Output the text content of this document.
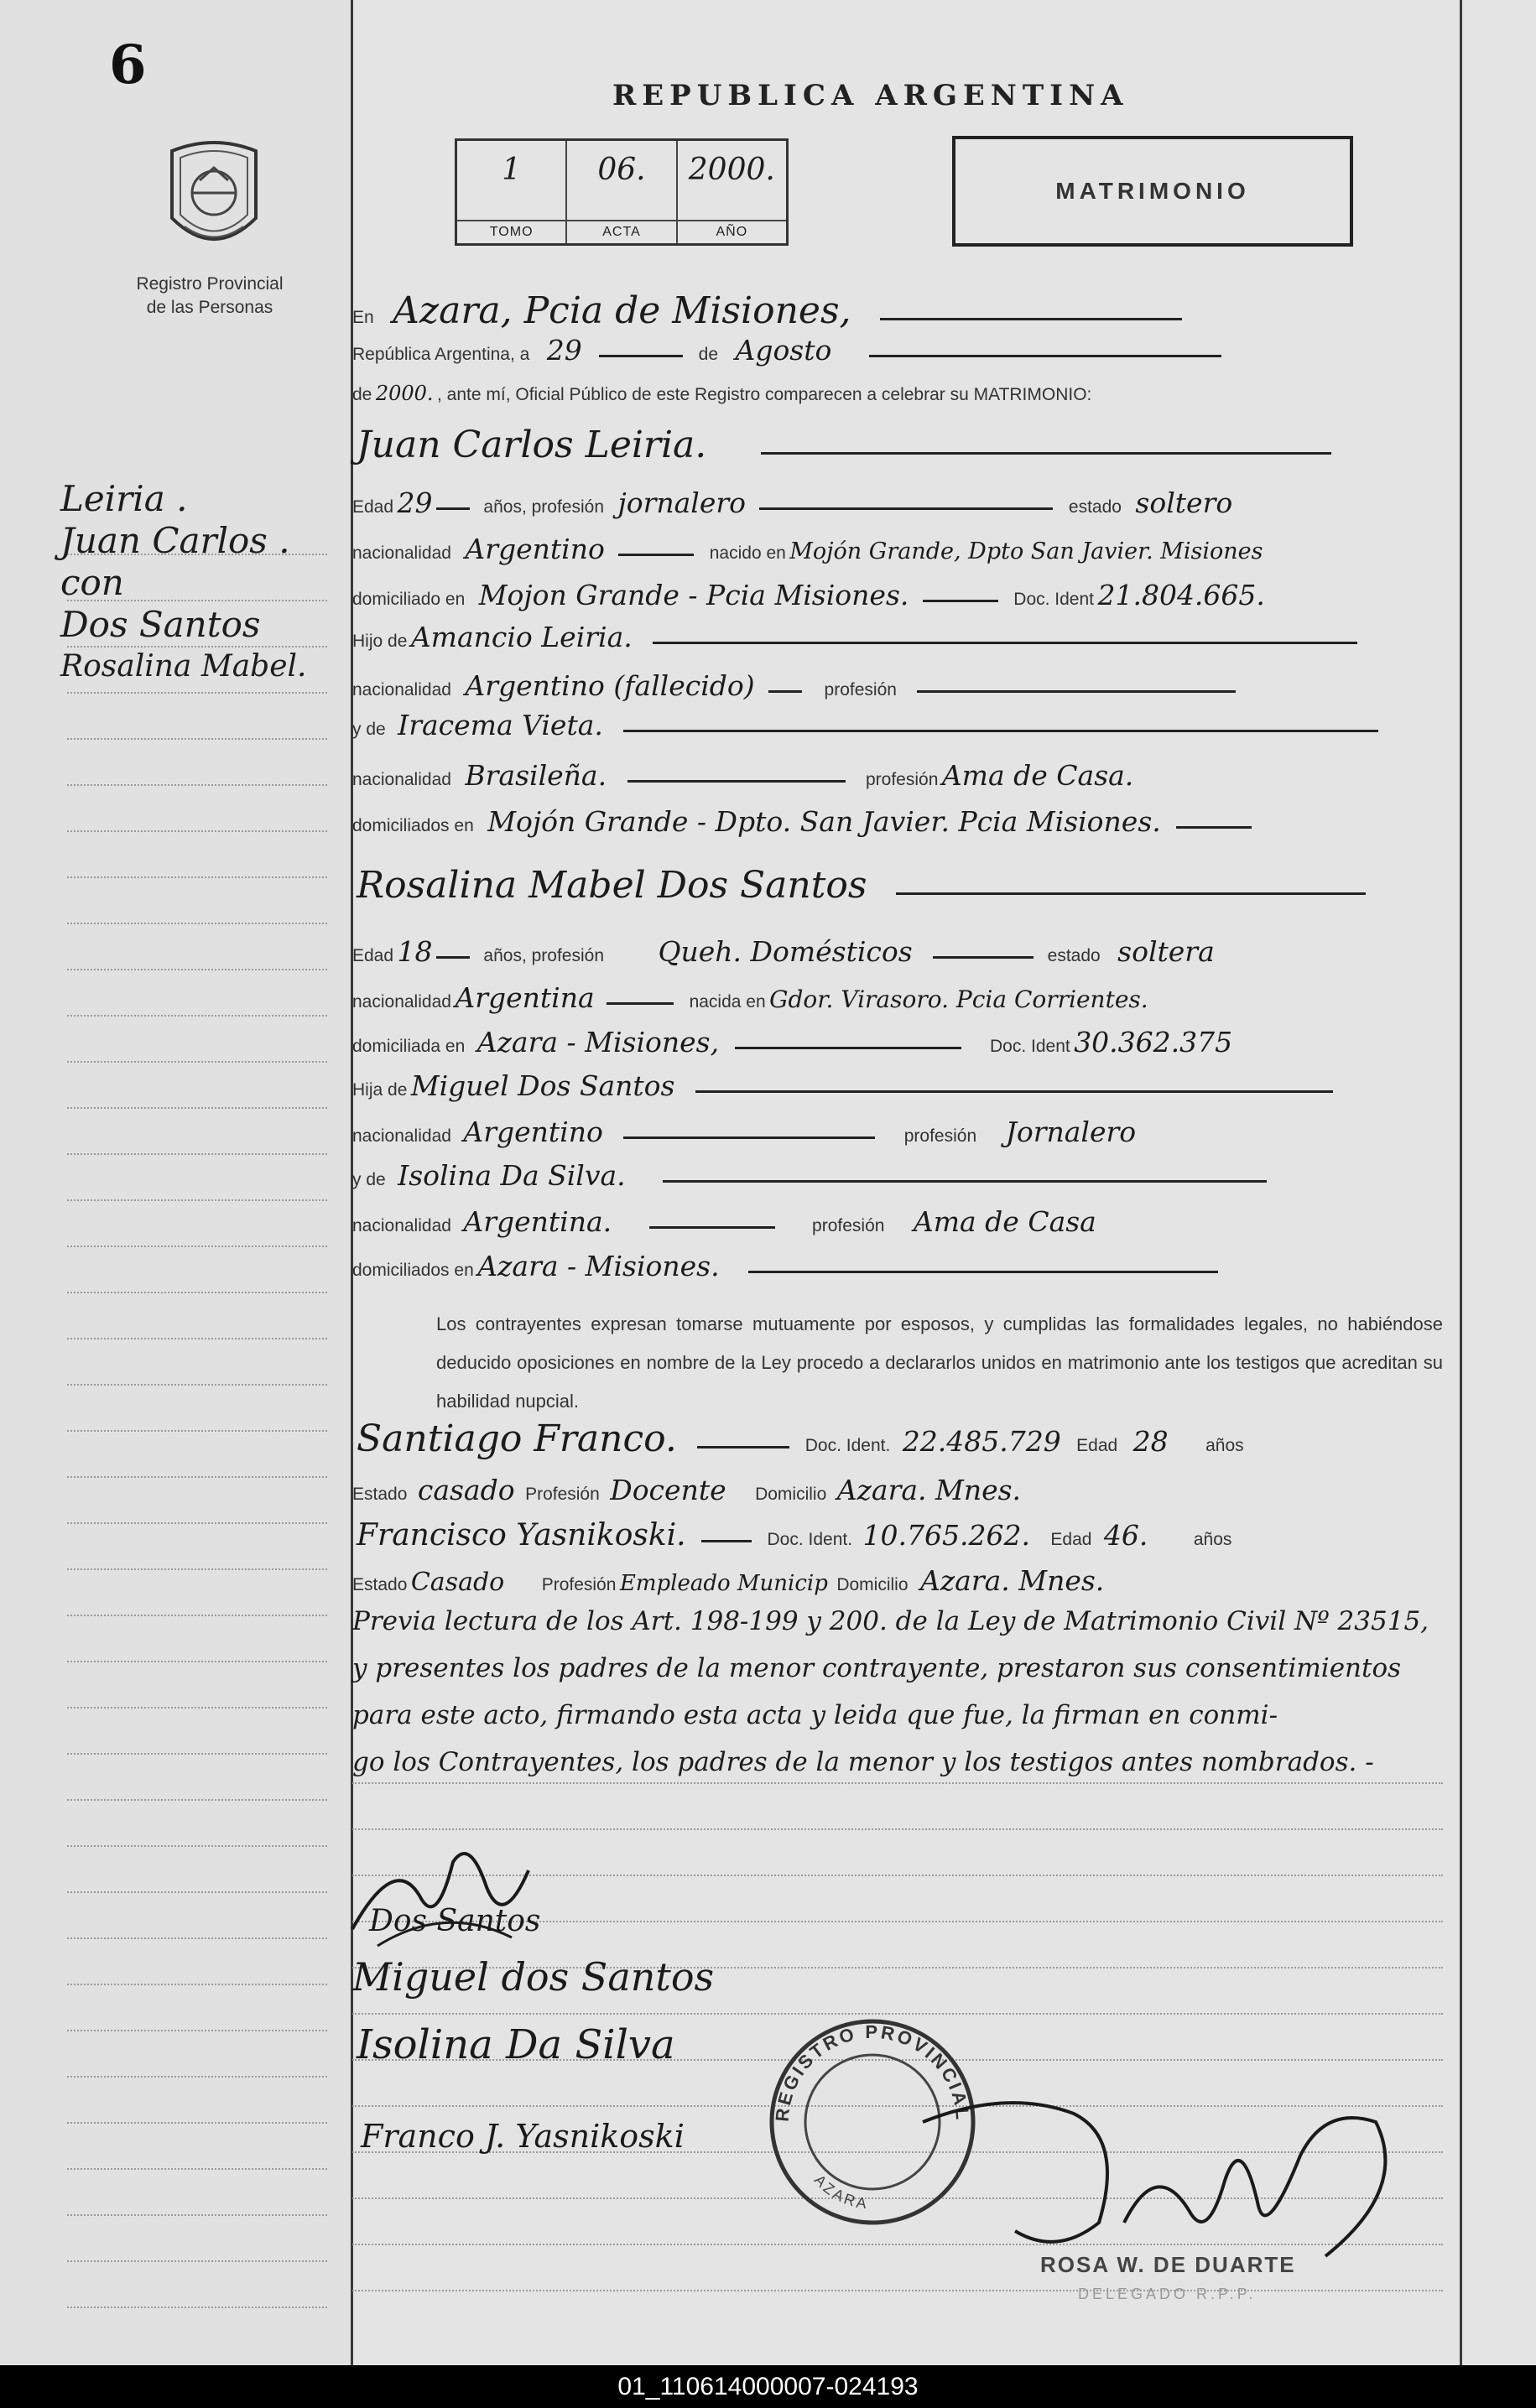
6
Registro Provincial
de las Personas
Leiria .
Juan Carlos .
con
Dos Santos
Rosalina Mabel.
REPUBLICA ARGENTINA
1
TOMO
06.
ACTA
2000.
AÑO
MATRIMONIO
En Azara, Pcia de Misiones,
República Argentina, a 29	de Agosto
de 2000. , ante mí, Oficial Público de este Registro comparecen a celebrar su MATRIMONIO:
Juan Carlos Leiria.
Edad 29	años, profesión jornalero	estado soltero
nacionalidad Argentino	nacido en Mojón Grande, Dpto San Javier. Misiones
domiciliado en Mojon Grande - Pcia Misiones.	Doc. Ident 21.804.665.
Hijo de Amancio Leiria.
nacionalidad Argentino (fallecido)	profesión
y de Iracema Vieta.
nacionalidad Brasileña.	profesión Ama de Casa.
domiciliados en Mojón Grande - Dpto. San Javier. Pcia Misiones.
Rosalina Mabel Dos Santos
Edad 18	años, profesión Queh. Domésticos	estado soltera
nacionalidad Argentina	nacida en Gdor. Virasoro. Pcia Corrientes.
domiciliada en Azara - Misiones,	Doc. Ident 30.362.375
Hija de Miguel Dos Santos
nacionalidad Argentino	profesión Jornalero
y de Isolina Da Silva.
nacionalidad Argentina.	profesión Ama de Casa
domiciliados en Azara - Misiones.
Los contrayentes expresan tomarse mutuamente por esposos, y cumplidas las formalidades legales, no habiéndose deducido oposiciones en nombre de la Ley procedo a declararlos unidos en matrimonio ante los testigos que acreditan su habilidad nupcial.
Santiago Franco.	Doc. Ident. 22.485.729 Edad 28 años
Estado casado Profesión Docente Domicilio Azara. Mnes.
Francisco Yasnikoski.	Doc. Ident. 10.765.262. Edad 46.	años
Estado Casado Profesión Empleado Municip Domicilio Azara. Mnes.
Previa lectura de los Art. 198-199 y 200. de la Ley de Matrimonio Civil Nº 23515,
y presentes los padres de la menor contrayente, prestaron sus consentimientos
para este acto, firmando esta acta y leida que fue, la firman en conmi-
go los Contrayentes, los padres de la menor y los testigos antes nombrados. -
Dos Santos
Miguel dos Santos
Isolina Da Silva
Franco J. Yasnikoski
REGISTRO PROVINCIAL
AZARA
ROSA W. DE DUARTE
DELEGADO R.P.P.
01_110614000007-024193
